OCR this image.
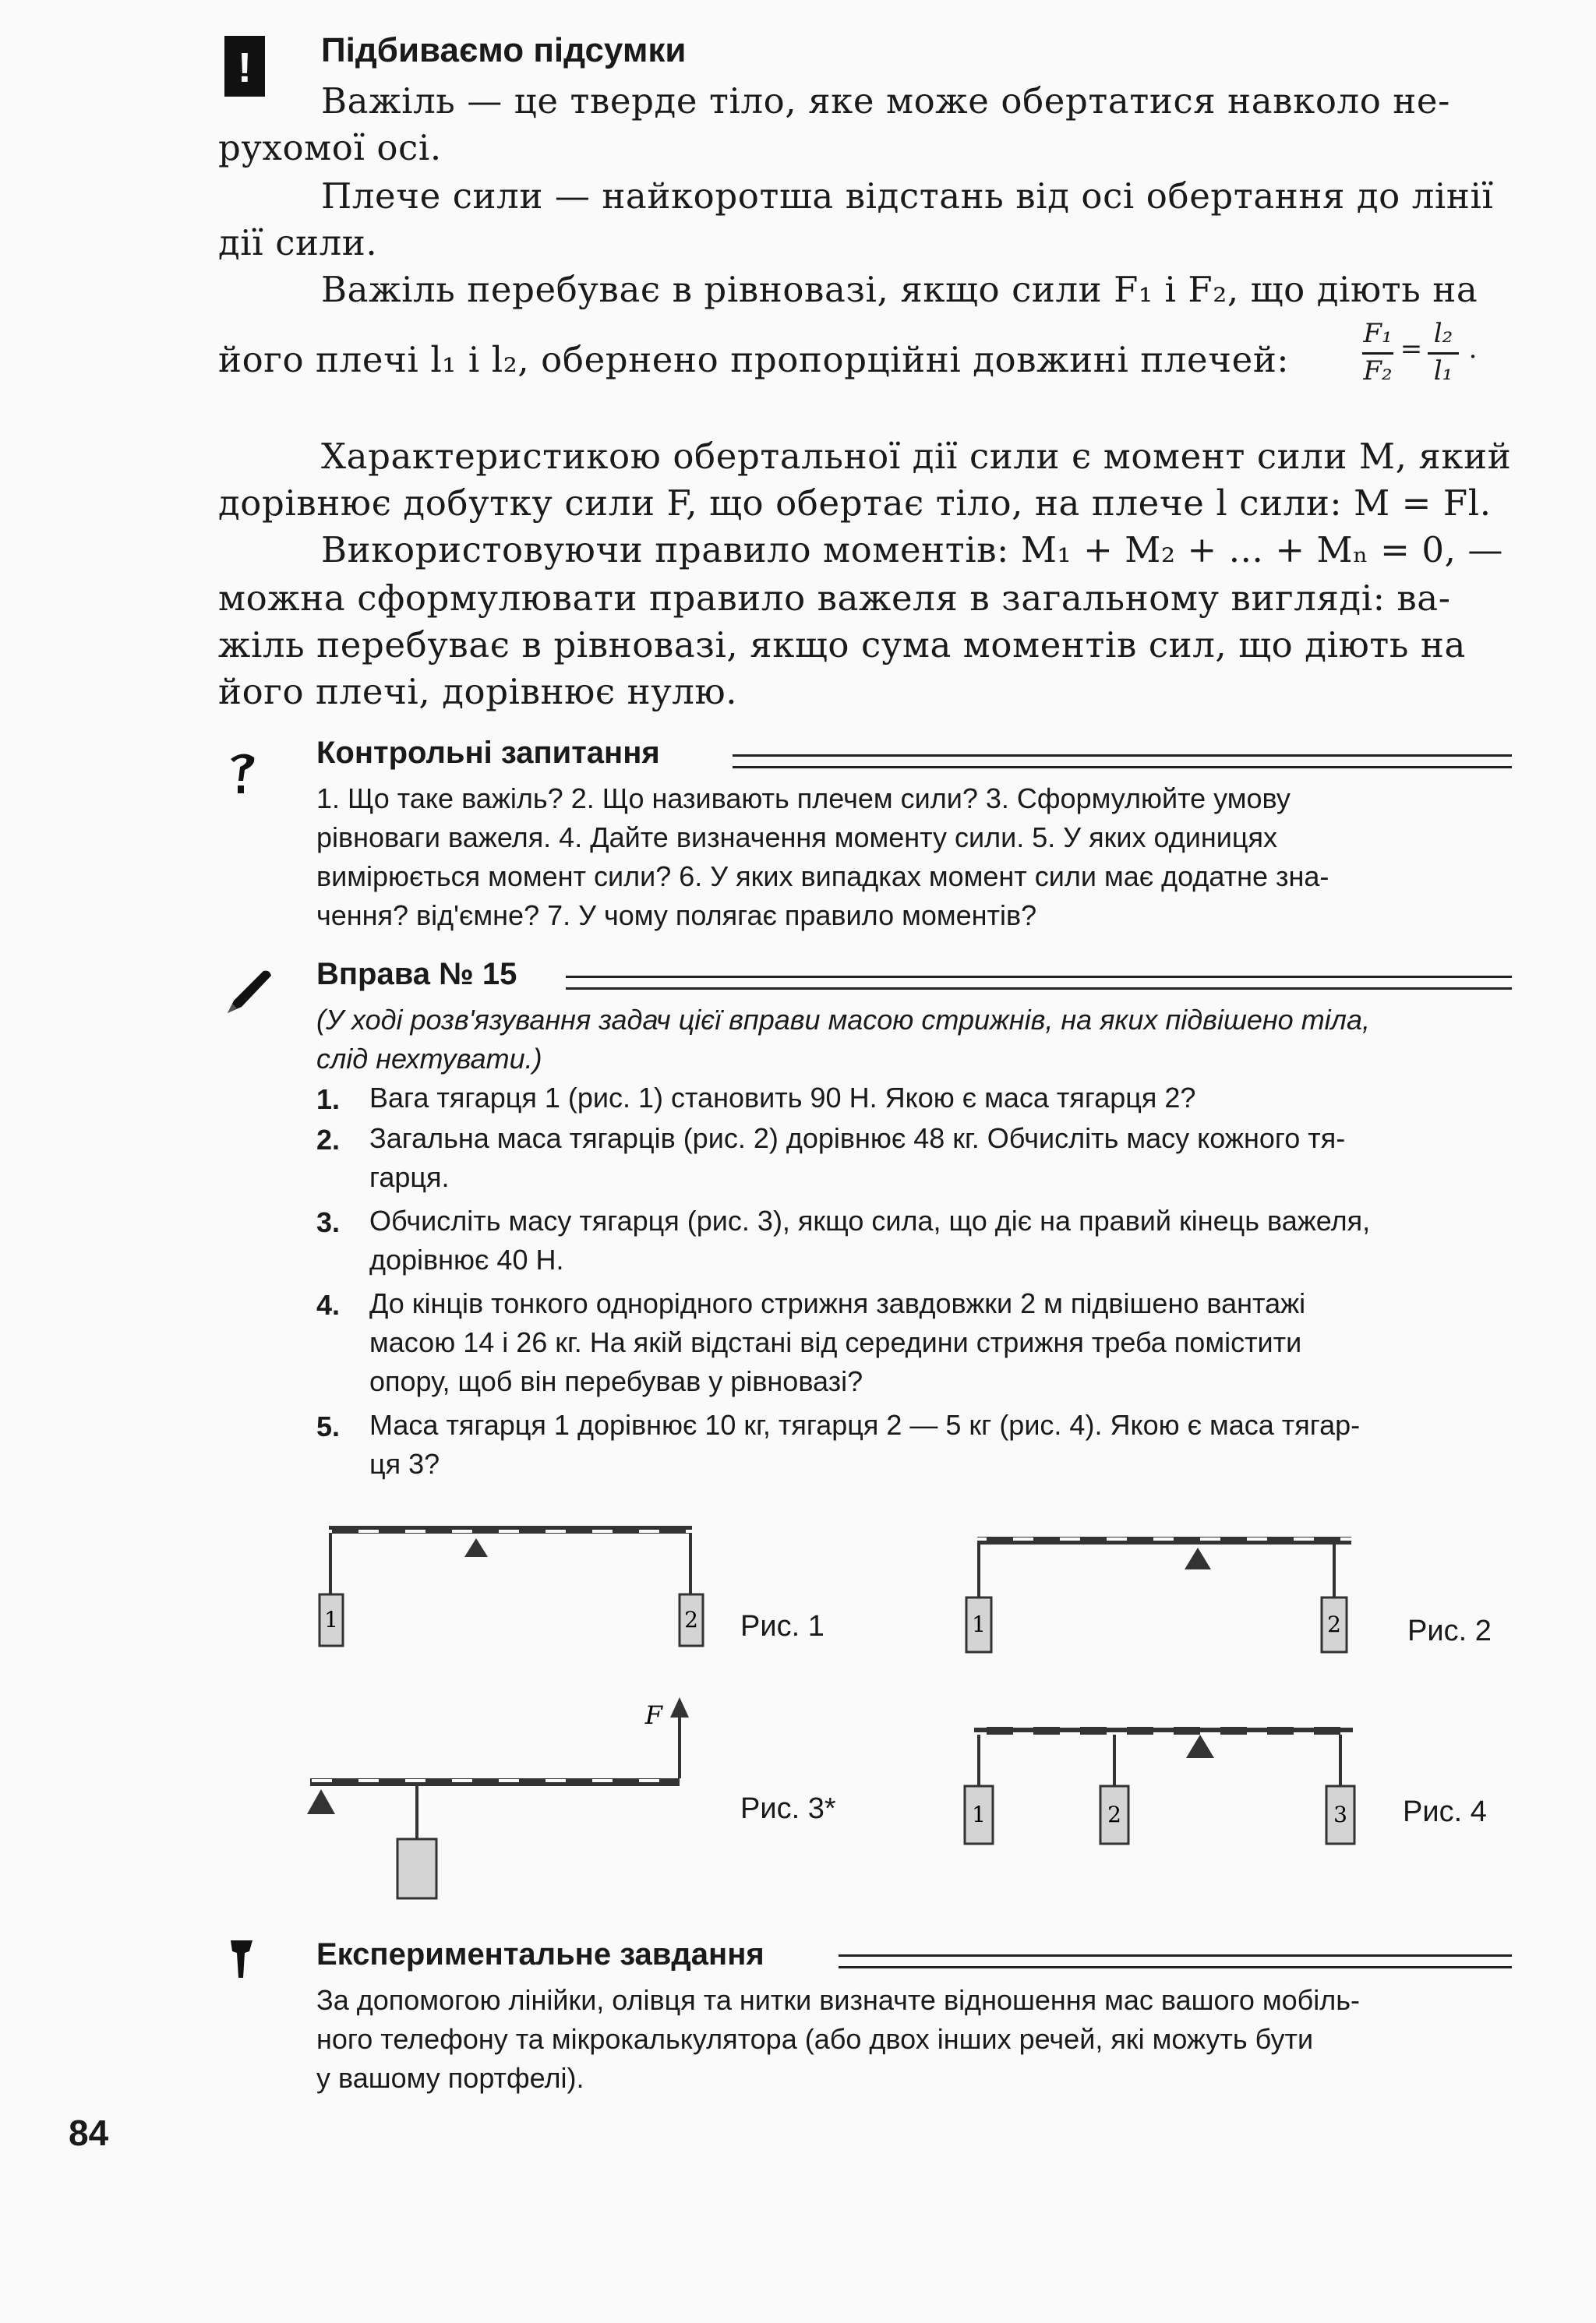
!	Підбиваємо підсумки
Важіль — це тверде тіло, яке може обертатися навколо не-
рухомої осі.
Плече сили — найкоротша відстань від осі обертання до лінії
дії сили.
Важіль перебуває в рівновазі, якщо сили F₁ і F₂, що діють на
його плечі l₁ і l₂, обернено пропорційні довжині плечей:
F₁
F₂
= l₂
l₁
.
Характеристикою обертальної дії сили є момент сили M, який
дорівнює добутку сили F, що обертає тіло, на плече l сили: M = Fl.
Використовуючи правило моментів: M₁ + M₂ + ... + Mₙ = 0, —
можна сформулювати правило важеля в загальному вигляді: ва-
жіль перебуває в рівновазі, якщо сума моментів сил, що діють на
його плечі, дорівнює нулю.
Контрольні запитання
1. Що таке важіль? 2. Що називають плечем сили? 3. Сформулюйте умову
рівноваги важеля. 4. Дайте визначення моменту сили. 5. У яких одиницях
вимірюється момент сили? 6. У яких випадках момент сили має додатне зна-
чення? від'ємне? 7. У чому полягає правило моментів?
Вправа № 15
(У ході розв'язування задач цієї вправи масою стрижнів, на яких підвішено тіла,
слід нехтувати.)
1. Вага тягарця 1 (рис. 1) становить 90 Н. Якою є маса тягарця 2?
2. Загальна маса тягарців (рис. 2) дорівнює 48 кг. Обчисліть масу кожного тя-
гарця.
3. Обчисліть масу тягарця (рис. 3), якщо сила, що діє на правий кінець важеля,
дорівнює 40 Н.
4. До кінців тонкого однорідного стрижня завдовжки 2 м підвішено вантажі
масою 14 і 26 кг. На якій відстані від середини стрижня треба помістити
опору, щоб він перебував у рівновазі?
5. Маса тягарця 1 дорівнює 10 кг, тягарця 2 — 5 кг (рис. 4). Якою є маса тягар-
ця 3?
1	2	1	2
F
1	2	3
Рис. 1	Рис. 2
Рис. 3*	Рис. 4
Експериментальне завдання
За допомогою лінійки, олівця та нитки визначте відношення мас вашого мобіль-
ного телефону та мікрокалькулятора (або двох інших речей, які можуть бути
у вашому портфелі).
84
